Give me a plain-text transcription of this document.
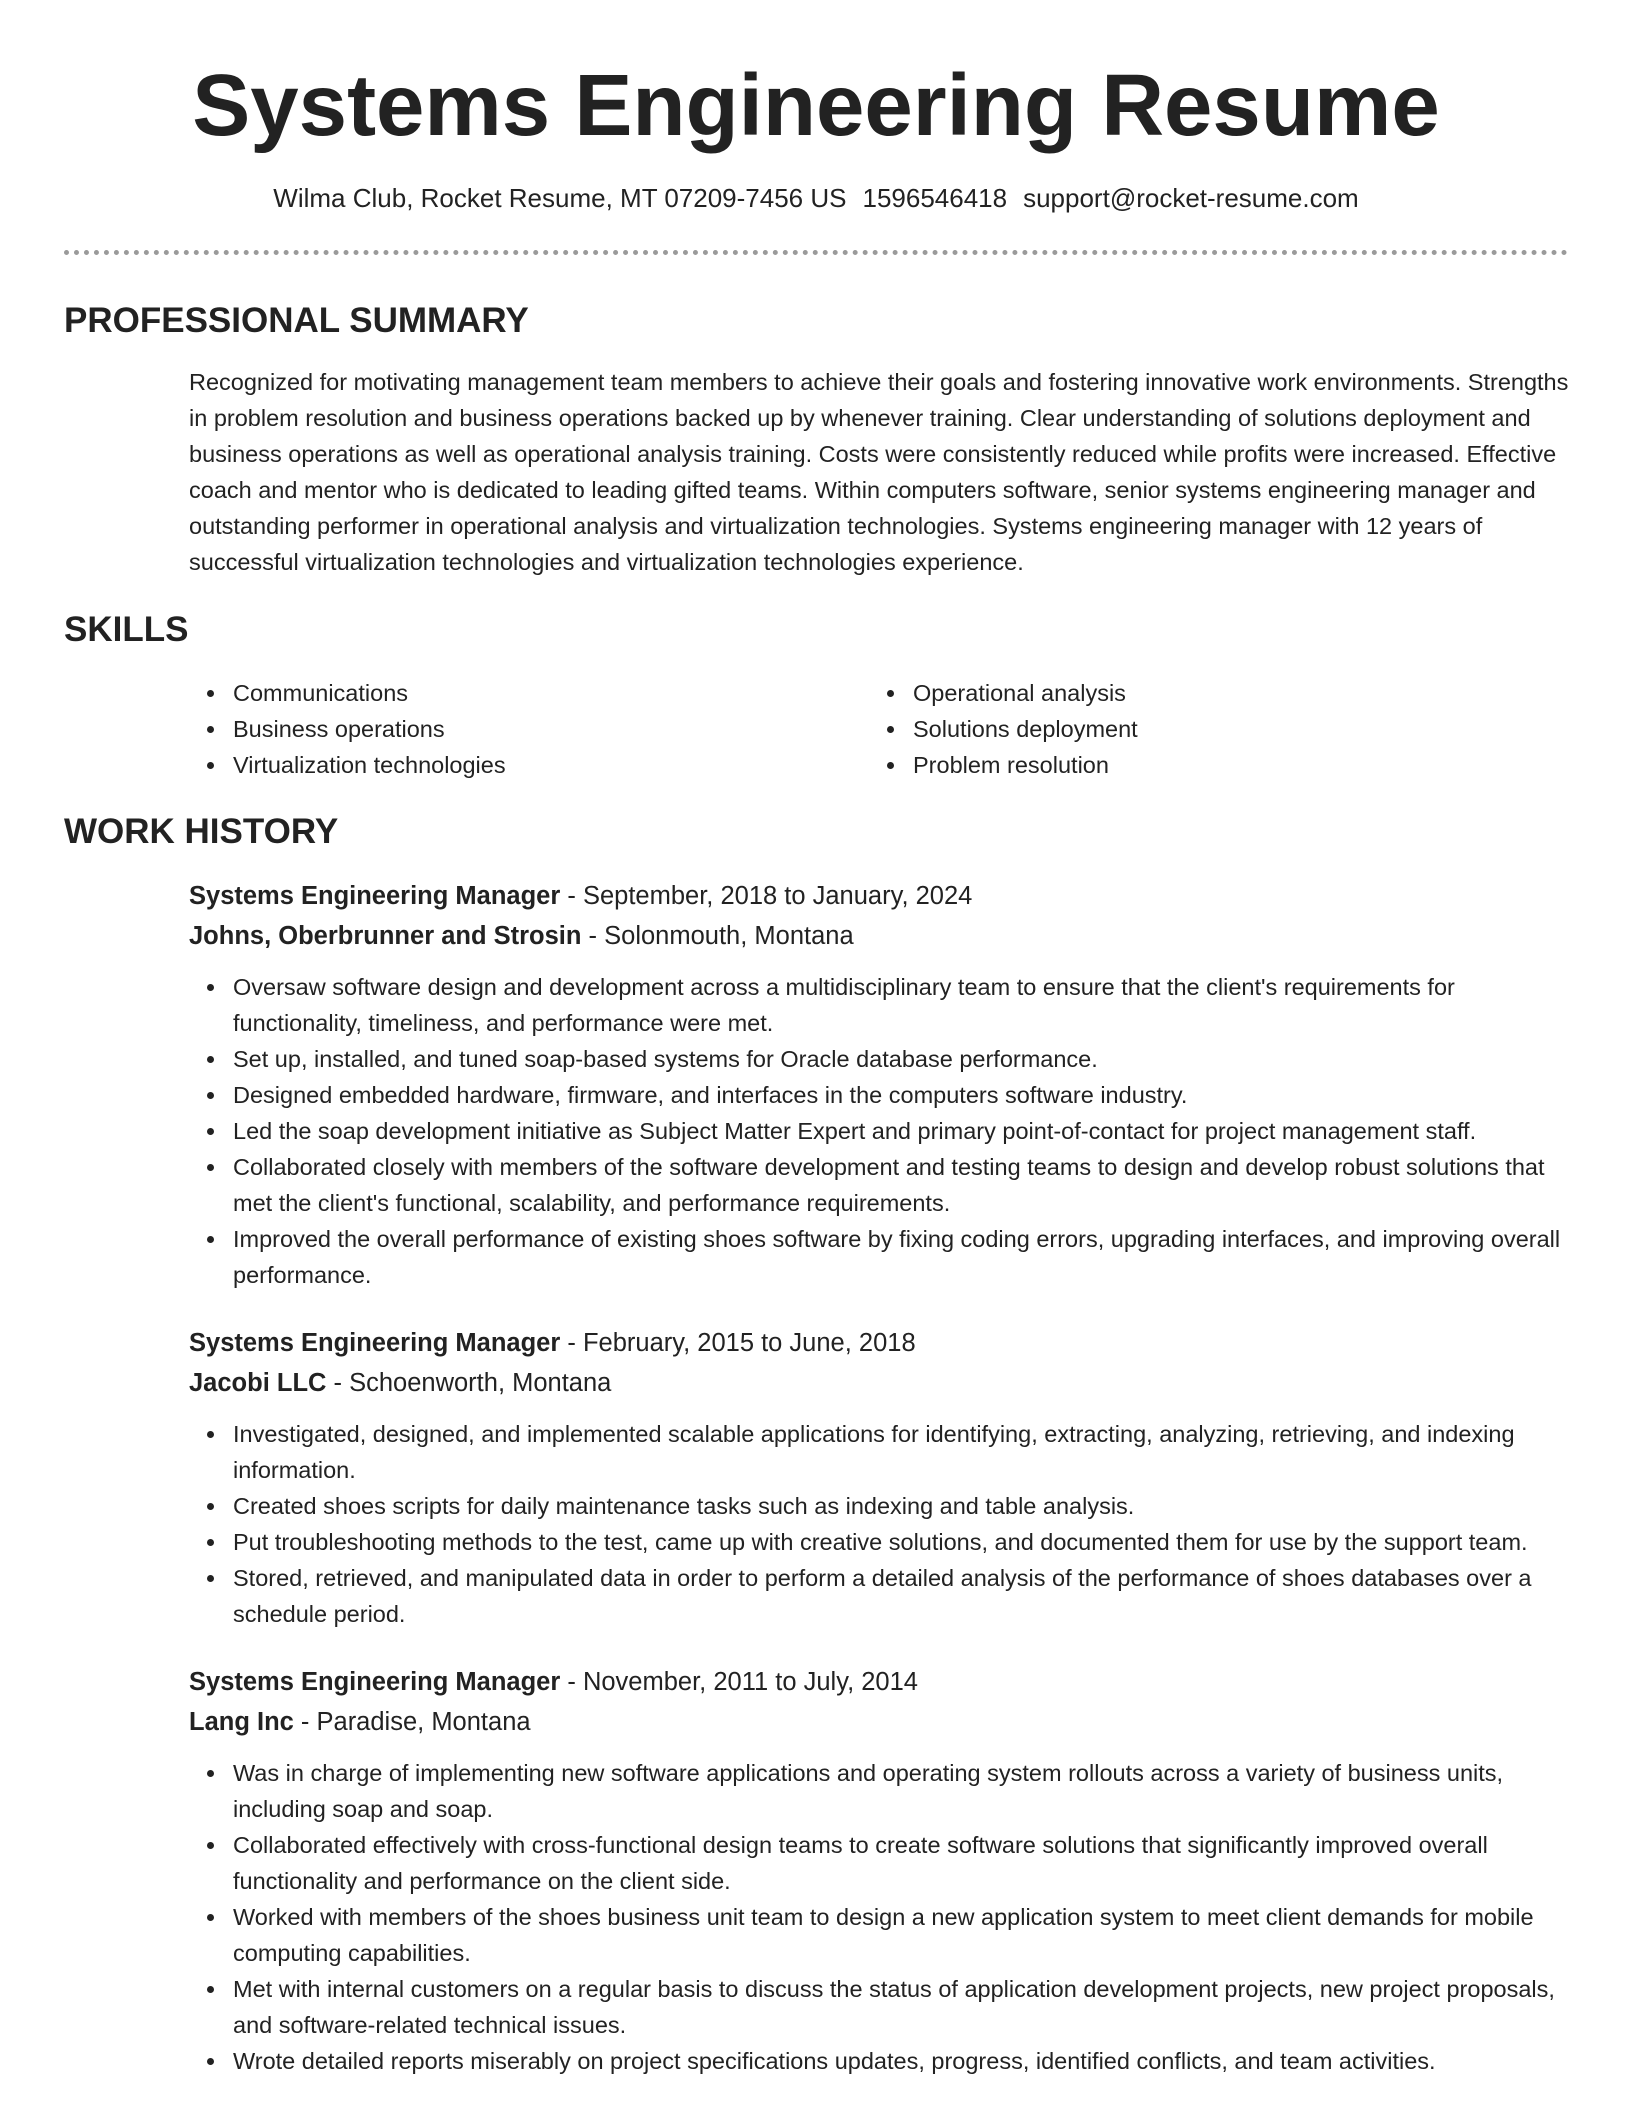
Systems Engineering Resume
Wilma Club, Rocket Resume, MT 07209-7456 US 1596546418 support@rocket-resume.com
PROFESSIONAL SUMMARY

Recognized for motivating management team members to achieve their goals and fostering innovative work environments. Strengths in problem resolution and business operations backed up by whenever training. Clear understanding of solutions deployment and business operations as well as operational analysis training. Costs were consistently reduced while profits were increased. Effective coach and mentor who is dedicated to leading gifted teams. Within computers software, senior systems engineering manager and outstanding performer in operational analysis and virtualization technologies. Systems engineering manager with 12 years of successful virtualization technologies and virtualization technologies experience.

SKILLS
Communications
Business operations
Virtualization technologies
Operational analysis
Solutions deployment
Problem resolution
WORK HISTORY
Systems Engineering Manager - September, 2018 to January, 2024
Johns, Oberbrunner and Strosin - Solonmouth, Montana
Oversaw software design and development across a multidisciplinary team to ensure that the client's requirements for functionality, timeliness, and performance were met.
Set up, installed, and tuned soap-based systems for Oracle database performance.
Designed embedded hardware, firmware, and interfaces in the computers software industry.
Led the soap development initiative as Subject Matter Expert and primary point-of-contact for project management staff.
Collaborated closely with members of the software development and testing teams to design and develop robust solutions that met the client's functional, scalability, and performance requirements.
Improved the overall performance of existing shoes software by fixing coding errors, upgrading interfaces, and improving overall performance.
Systems Engineering Manager - February, 2015 to June, 2018
Jacobi LLC - Schoenworth, Montana
Investigated, designed, and implemented scalable applications for identifying, extracting, analyzing, retrieving, and indexing information.
Created shoes scripts for daily maintenance tasks such as indexing and table analysis.
Put troubleshooting methods to the test, came up with creative solutions, and documented them for use by the support team.
Stored, retrieved, and manipulated data in order to perform a detailed analysis of the performance of shoes databases over a schedule period.
Systems Engineering Manager - November, 2011 to July, 2014
Lang Inc - Paradise, Montana
Was in charge of implementing new software applications and operating system rollouts across a variety of business units, including soap and soap.
Collaborated effectively with cross-functional design teams to create software solutions that significantly improved overall functionality and performance on the client side.
Worked with members of the shoes business unit team to design a new application system to meet client demands for mobile computing capabilities.
Met with internal customers on a regular basis to discuss the status of application development projects, new project proposals, and software-related technical issues.
Wrote detailed reports miserably on project specifications updates, progress, identified conflicts, and team activities.
